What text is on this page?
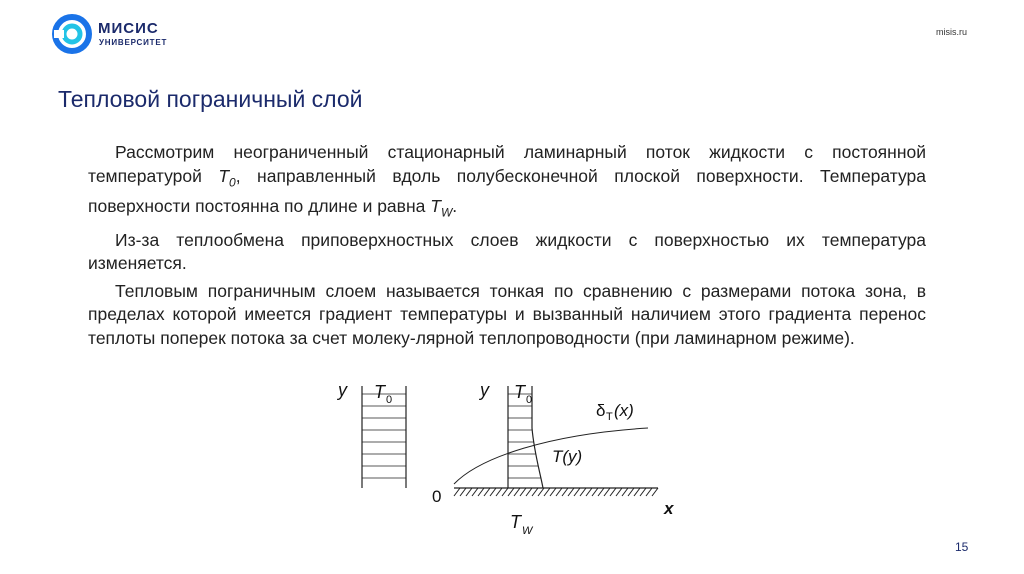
МИСИС
УНИВЕРСИТЕТ
misis.ru
Тепловой пограничный слой

Рассмотрим неограниченный стационарный ламинарный поток жидкости с постоянной температурой $T_0$, направленный вдоль полубесконечной плоской поверхности. Температура поверхности постоянна по длине и равна $T_W$.

Из-за теплообмена приповерхностных слоев жидкости с поверхностью их температура изменяется.

Тепловым пограничным слоем называется тонкая по сравнению с размерами потока зона, в пределах которой имеется градиент температуры и вызванный наличием этого градиента перенос теплоты поперек потока за счет молеку-лярной теплопроводности (при ламинарном режиме).

y T 0	y T 0
δ T (x)
T(y)
0
x
T W
15
